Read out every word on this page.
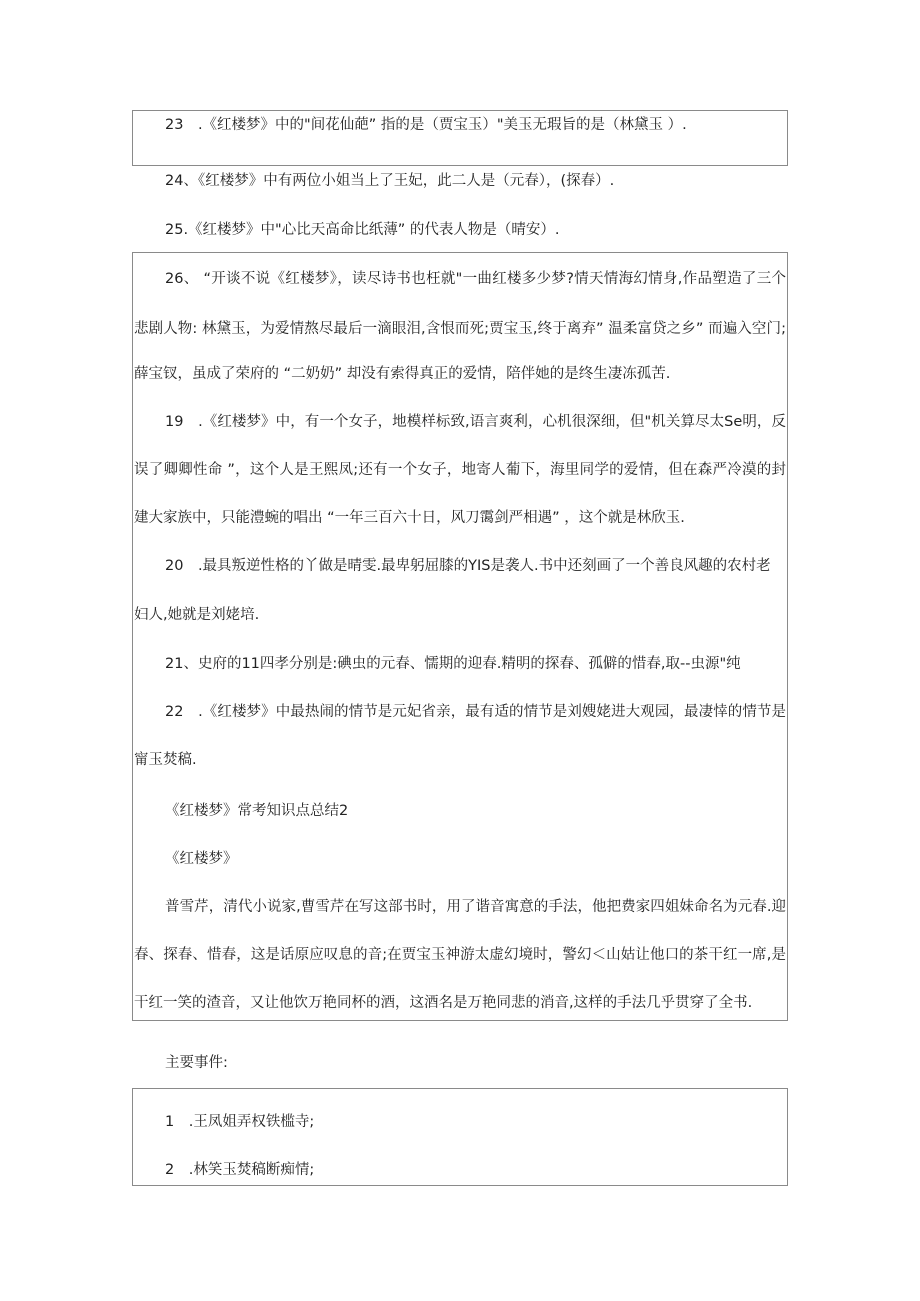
23　.《红楼梦》中的"间花仙葩” 指的是（贾宝玉）"美玉无瑕旨的是（林黛玉 ）.
24、《红楼梦》中有两位小姐当上了王妃，此二人是（元春），(探春）.
25.《红楼梦》中"心比天高命比纸薄” 的代表人物是（晴安）.
26、 “开谈不说《红楼梦》，读尽诗书也枉就"一曲红楼多少梦?情天情海幻情身,作品塑造了三个
悲剧人物: 林黛玉，为爱情熬尽最后一滴眼泪,含恨而死;贾宝玉,终于离弃” 温柔富贷之乡” 而遍入空门;
薛宝钗，虽成了荣府的 “二奶奶” 却没有索得真正的爱情，陪伴她的是终生凄冻孤苦.
19　.《红楼梦》中，有一个女子，地模样标致,语言爽利，心机很深细，但"机关算尽太Se明，反
误了卿卿性命 ”，这个人是王熙凤;还有一个女子，地寄人葡下，海里同学的爱情，但在森严冷漠的封
建大家族中，只能澧蜿的唱出 “一年三百六十日，风刀霭剑严相遇” ，这个就是林欣玉.
20　.最具叛逆性格的丫做是晴雯.最卑躬屈膝的YIS是袭人.书中还刻画了一个善良风趣的农村老
妇人,她就是刘姥培.
21、史府的11四孝分别是:碘虫的元春、懦期的迎春.精明的探春、孤僻的惜春,取--虫源"纯
22　.《红楼梦》中最热闹的情节是元妃省亲，最有适的情节是刘嫂姥进大观园，最凄悻的情节是
甯玉焚稿.
《红楼梦》常考知识点总结2
《红楼梦》
普雪芹，清代小说家,曹雪芹在写这部书时，用了谐音寓意的手法，他把费家四姐妹命名为元春.迎
春、探春、惜春，这是话原应叹息的音;在贾宝玉神游太虚幻境时，警幻＜山姑让他口的茶干红一席,是
干红一笑的渣音，又让他饮万艳同杯的酒，这酒名是万艳同悲的消音,这样的手法几乎贯穿了全书.
主要事件:
1　.王凤姐弄权铁槛寺;
2　.林笑玉焚稿断痴情;
